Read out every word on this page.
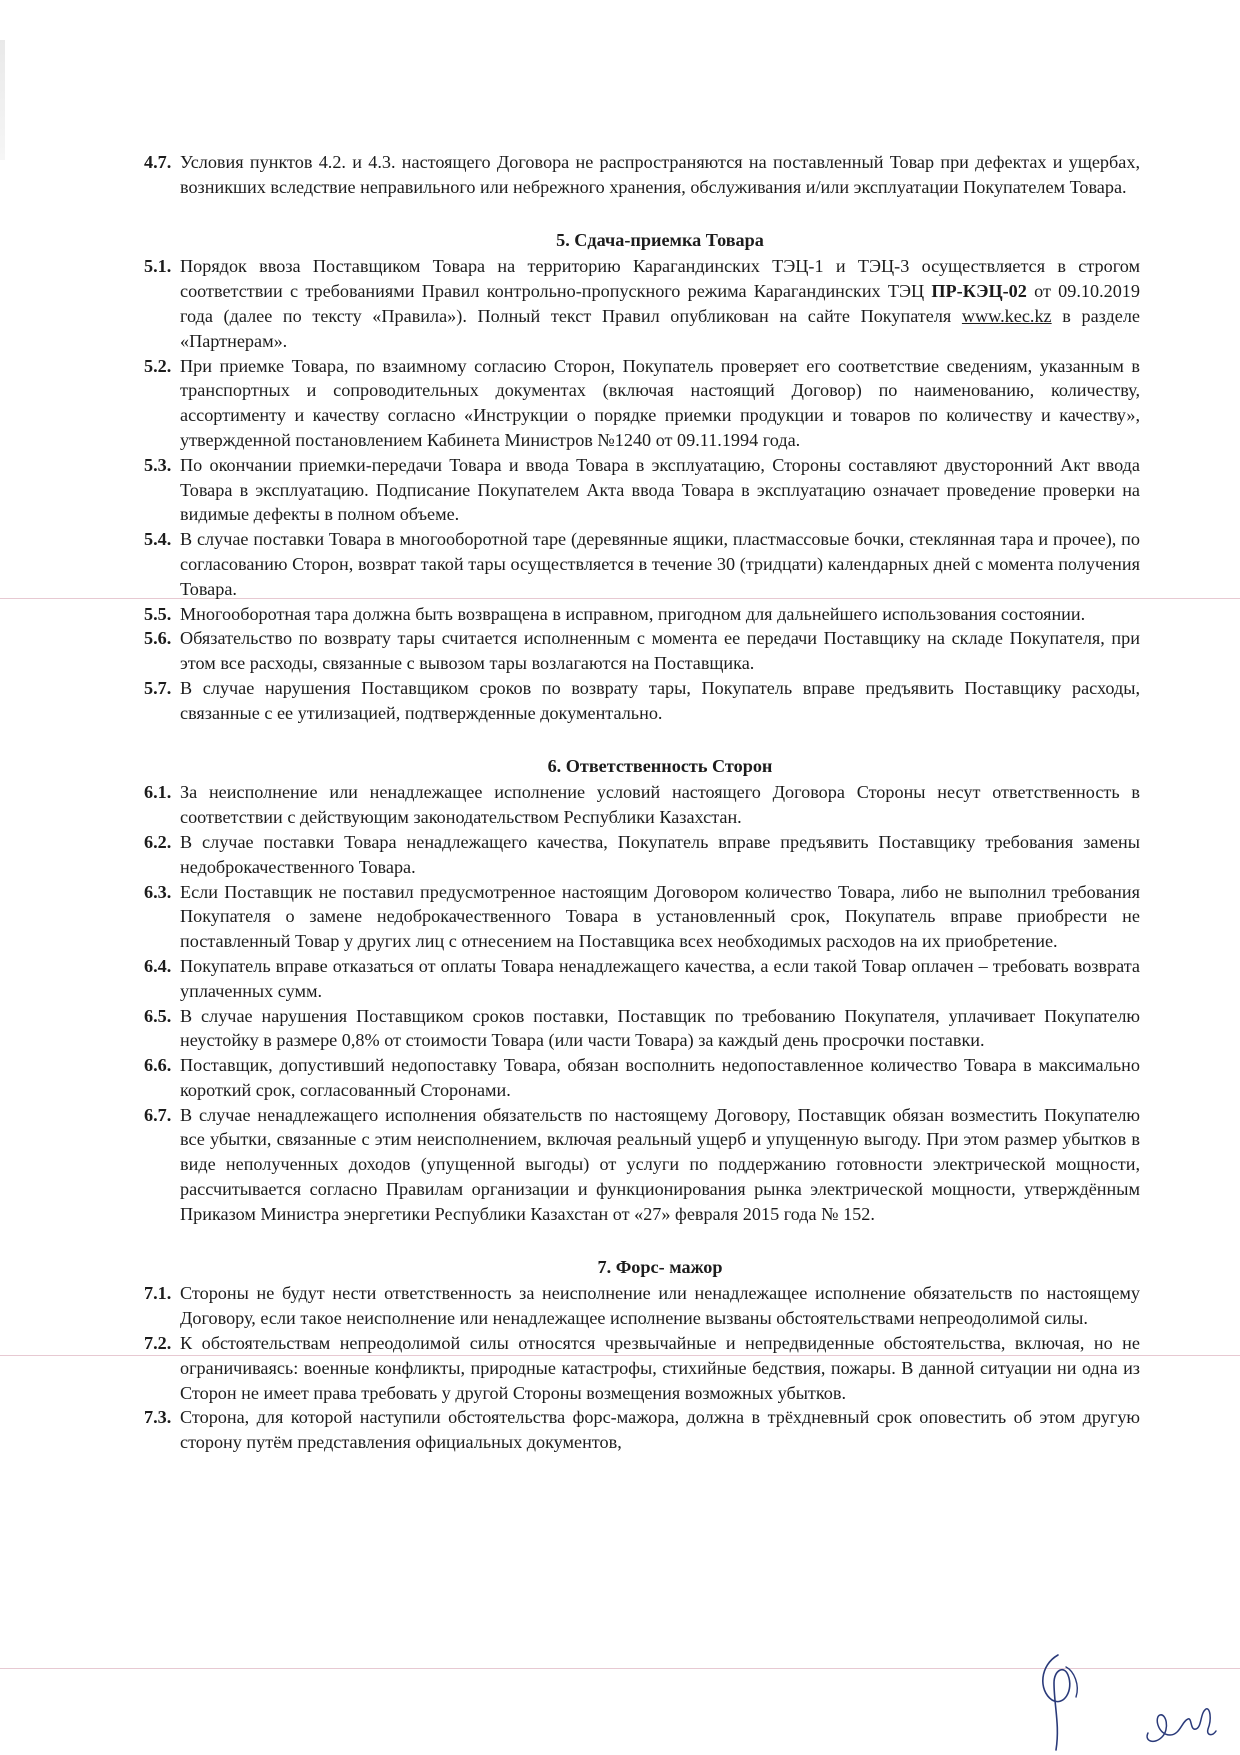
4.7. Условия пунктов 4.2. и 4.3. настоящего Договора не распространяются на поставленный Товар при дефектах и ущербах, возникших вследствие неправильного или небрежного хранения, обслуживания и/или эксплуатации Покупателем Товара.

5. Сдача-приемка Товара
5.1. Порядок ввоза Поставщиком Товара на территорию Карагандинских ТЭЦ-1 и ТЭЦ-3 осуществляется в строгом соответствии с требованиями Правил контрольно-пропускного режима Карагандинских ТЭЦ ПР-КЭЦ-02 от 09.10.2019 года (далее по тексту «Правила»). Полный текст Правил опубликован на сайте Покупателя www.kec.kz в разделе «Партнерам».

5.2. При приемке Товара, по взаимному согласию Сторон, Покупатель проверяет его соответствие сведениям, указанным в транспортных и сопроводительных документах (включая настоящий Договор) по наименованию, количеству, ассортименту и качеству согласно «Инструкции о порядке приемки продукции и товаров по количеству и качеству», утвержденной постановлением Кабинета Министров №1240 от 09.11.1994 года.

5.3. По окончании приемки-передачи Товара и ввода Товара в эксплуатацию, Стороны составляют двусторонний Акт ввода Товара в эксплуатацию. Подписание Покупателем Акта ввода Товара в эксплуатацию означает проведение проверки на видимые дефекты в полном объеме.

5.4. В случае поставки Товара в многооборотной таре (деревянные ящики, пластмассовые бочки, стеклянная тара и прочее), по согласованию Сторон, возврат такой тары осуществляется в течение 30 (тридцати) календарных дней с момента получения Товара.

5.5. Многооборотная тара должна быть возвращена в исправном, пригодном для дальнейшего использования состоянии.

5.6. Обязательство по возврату тары считается исполненным с момента ее передачи Поставщику на складе Покупателя, при этом все расходы, связанные с вывозом тары возлагаются на Поставщика.

5.7. В случае нарушения Поставщиком сроков по возврату тары, Покупатель вправе предъявить Поставщику расходы, связанные с ее утилизацией, подтвержденные документально.

6. Ответственность Сторон
6.1. За неисполнение или ненадлежащее исполнение условий настоящего Договора Стороны несут ответственность в соответствии с действующим законодательством Республики Казахстан.

6.2. В случае поставки Товара ненадлежащего качества, Покупатель вправе предъявить Поставщику требования замены недоброкачественного Товара.

6.3. Если Поставщик не поставил предусмотренное настоящим Договором количество Товара, либо не выполнил требования Покупателя о замене недоброкачественного Товара в установленный срок, Покупатель вправе приобрести не поставленный Товар у других лиц с отнесением на Поставщика всех необходимых расходов на их приобретение.

6.4. Покупатель вправе отказаться от оплаты Товара ненадлежащего качества, а если такой Товар оплачен – требовать возврата уплаченных сумм.

6.5. В случае нарушения Поставщиком сроков поставки, Поставщик по требованию Покупателя, уплачивает Покупателю неустойку в размере 0,8% от стоимости Товара (или части Товара) за каждый день просрочки поставки.

6.6. Поставщик, допустивший недопоставку Товара, обязан восполнить недопоставленное количество Товара в максимально короткий срок, согласованный Сторонами.

6.7. В случае ненадлежащего исполнения обязательств по настоящему Договору, Поставщик обязан возместить Покупателю все убытки, связанные с этим неисполнением, включая реальный ущерб и упущенную выгоду. При этом размер убытков в виде неполученных доходов (упущенной выгоды) от услуги по поддержанию готовности электрической мощности, рассчитывается согласно Правилам организации и функционирования рынка электрической мощности, утверждённым Приказом Министра энергетики Республики Казахстан от «27» февраля 2015 года № 152.

7. Форс- мажор
7.1. Стороны не будут нести ответственность за неисполнение или ненадлежащее исполнение обязательств по настоящему Договору, если такое неисполнение или ненадлежащее исполнение вызваны обстоятельствами непреодолимой силы.

7.2. К обстоятельствам непреодолимой силы относятся чрезвычайные и непредвиденные обстоятельства, включая, но не ограничиваясь: военные конфликты, природные катастрофы, стихийные бедствия, пожары. В данной ситуации ни одна из Сторон не имеет права требовать у другой Стороны возмещения возможных убытков.

7.3. Сторона, для которой наступили обстоятельства форс-мажора, должна в трёхдневный срок оповестить об этом другую сторону путём представления официальных документов,
